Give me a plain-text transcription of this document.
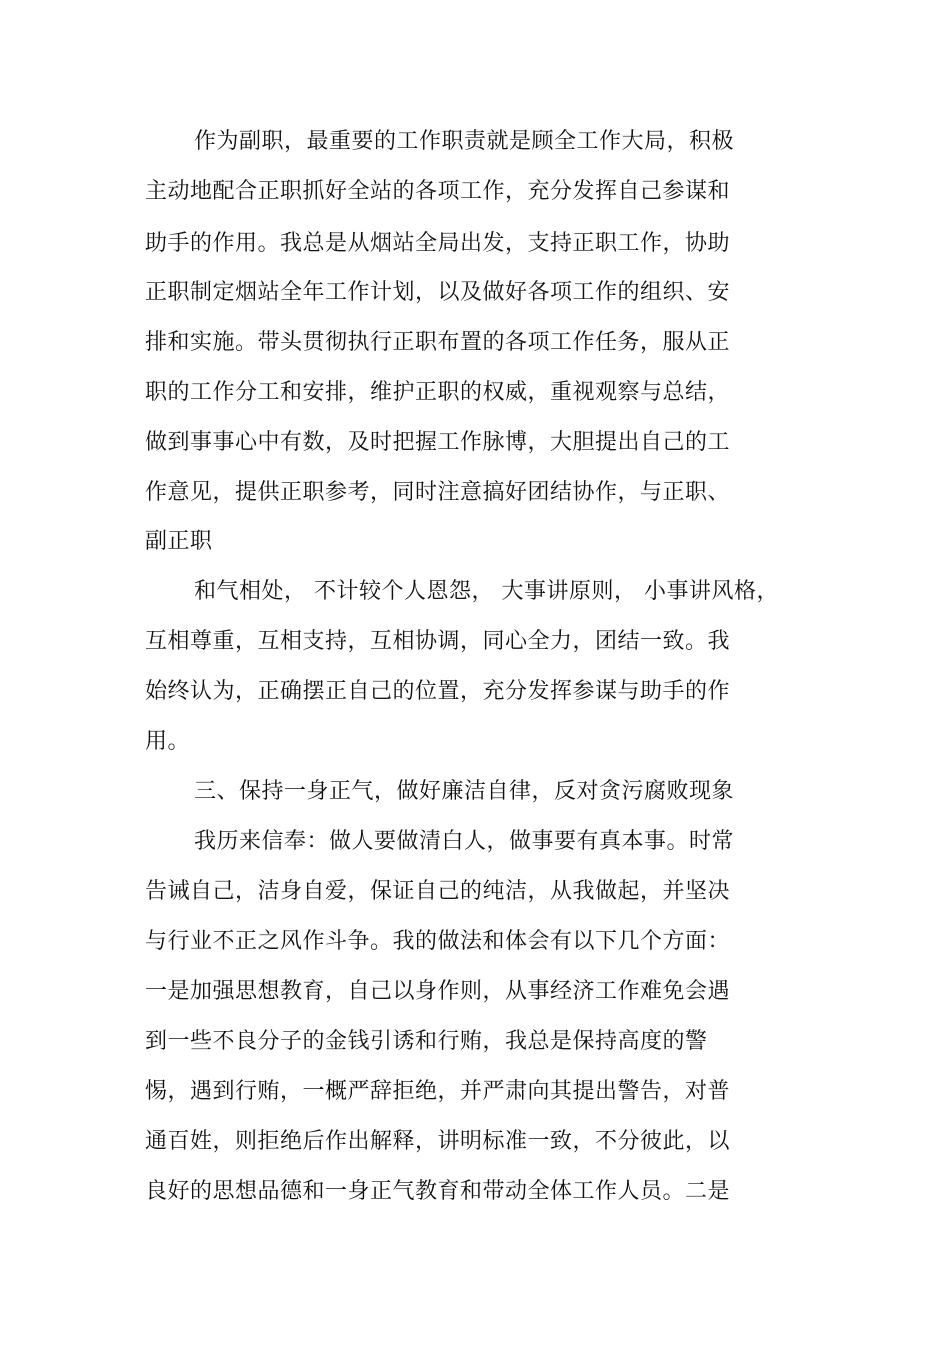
作为副职，最重要的工作职责就是顾全工作大局，积极
主动地配合正职抓好全站的各项工作，充分发挥自己参谋和
助手的作用。我总是从烟站全局出发，支持正职工作，协助
正职制定烟站全年工作计划，以及做好各项工作的组织、安
排和实施。带头贯彻执行正职布置的各项工作任务，服从正
职的工作分工和安排，维护正职的权威，重视观察与总结，
做到事事心中有数，及时把握工作脉博，大胆提出自己的工
作意见，提供正职参考，同时注意搞好团结协作，与正职、
副正职
和气相处， 不计较个人恩怨， 大事讲原则， 小事讲风格，
互相尊重，互相支持，互相协调，同心全力，团结一致。我
始终认为，正确摆正自己的位置，充分发挥参谋与助手的作
用。
三、保持一身正气，做好廉洁自律，反对贪污腐败现象
我历来信奉：做人要做清白人，做事要有真本事。时常
告诫自己，洁身自爱，保证自己的纯洁，从我做起，并坚决
与行业不正之风作斗争。我的做法和体会有以下几个方面：
一是加强思想教育，自己以身作则，从事经济工作难免会遇
到一些不良分子的金钱引诱和行贿，我总是保持高度的警
惕，遇到行贿，一概严辞拒绝，并严肃向其提出警告，对普
通百姓，则拒绝后作出解释，讲明标准一致，不分彼此，以
良好的思想品德和一身正气教育和带动全体工作人员。二是
